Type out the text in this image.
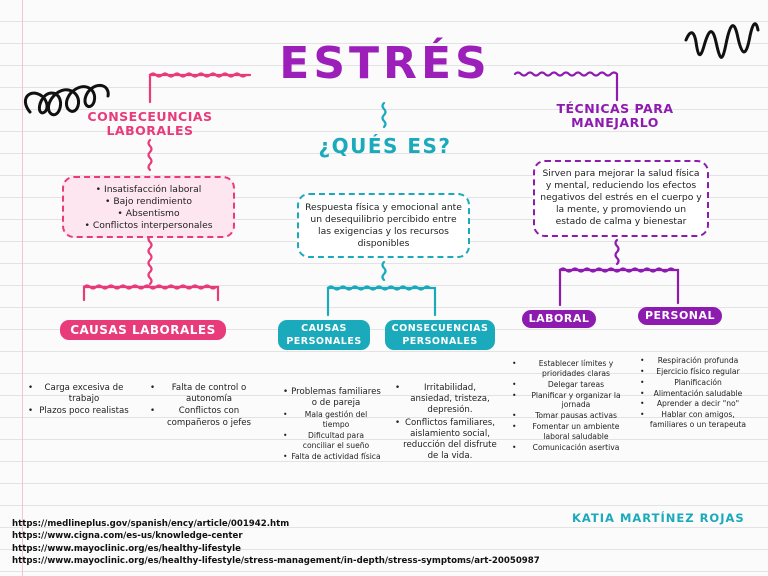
ESTRÉS
CONSECEUNCIAS LABORALES
• Insatisfacción laboral
• Bajo rendimiento
• Absentismo
• Conflictos interpersonales
CAUSAS LABORALES
• Carga excesiva de trabajo
• Plazos poco realistas
• Falta de control o autonomía
• Conflictos con compañeros o jefes
¿QUÉS ES?
Respuesta física y emocional ante un desequilibrio percibido entre las exigencias y los recursos disponibles
CAUSAS PERSONALES
CONSECUENCIAS PERSONALES
• Problemas familiares o de pareja
• Mala gestión del tiempo
• Dificultad para conciliar el sueño
• Falta de actividad física
• Irritabilidad, ansiedad, tristeza, depresión.
• Conflictos familiares, aislamiento social, reducción del disfrute de la vida.
TÉCNICAS PARA MANEJARLO
Sirven para mejorar la salud física y mental, reduciendo los efectos negativos del estrés en el cuerpo y la mente, y promoviendo un estado de calma y bienestar
LABORAL	PERSONAL
• Establecer límites y prioridades claras
• Delegar tareas
• Planificar y organizar la jornada
• Tomar pausas activas
• Fomentar un ambiente laboral saludable
• Comunicación asertiva
• Respiración profunda
• Ejercicio físico regular
• Planificación
• Alimentación saludable
• Aprender a decir "no"
• Hablar con amigos, familiares o un terapeuta
KATIA MARTÍNEZ ROJAS
https://medlineplus.gov/spanish/ency/article/001942.htm
https://www.cigna.com/es-us/knowledge-center
https://www.mayoclinic.org/es/healthy-lifestyle
https://www.mayoclinic.org/es/healthy-lifestyle/stress-management/in-depth/stress-symptoms/art-20050987
